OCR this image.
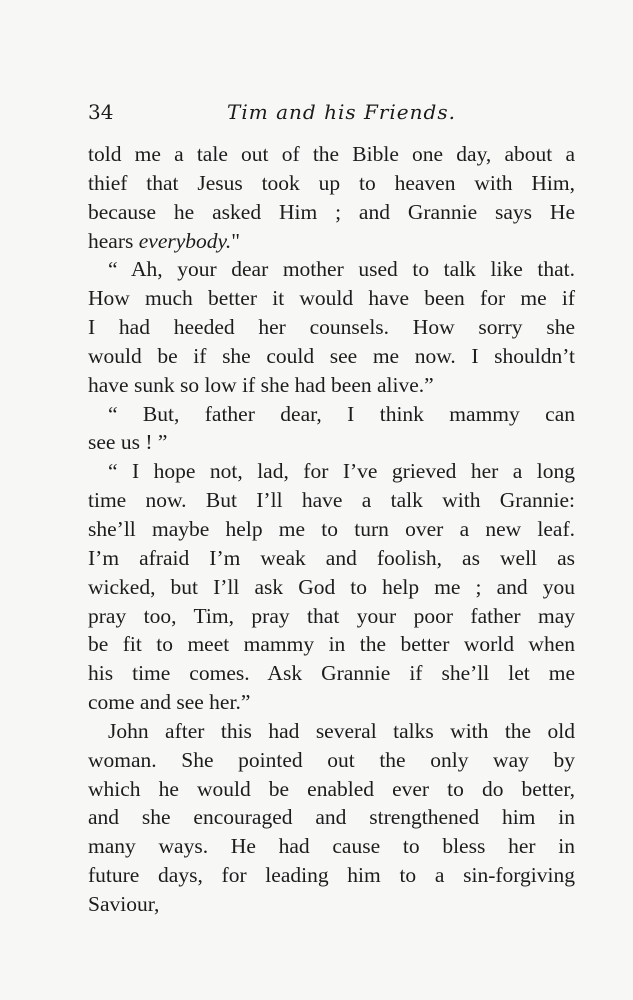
34	Tim and his Friends.
told me a tale out of the Bible one day, about a
thief that Jesus took up to heaven with Him,
because he asked Him ; and Grannie says He
hears everybody."
“ Ah, your dear mother used to talk like that.
How much better it would have been for me if
I had heeded her counsels. How sorry she
would be if she could see me now. I shouldn’t
have sunk so low if she had been alive.”
“ But, father dear, I think mammy can
see us ! ”
“ I hope not, lad, for I’ve grieved her a long
time now. But I’ll have a talk with Grannie:
she’ll maybe help me to turn over a new leaf.
I’m afraid I’m weak and foolish, as well as
wicked, but I’ll ask God to help me ; and you
pray too, Tim, pray that your poor father may
be fit to meet mammy in the better world when
his time comes. Ask Grannie if she’ll let me
come and see her.”
John after this had several talks with the old
woman. She pointed out the only way by
which he would be enabled ever to do better,
and she encouraged and strengthened him in
many ways. He had cause to bless her in
future days, for leading him to a sin-forgiving
Saviour,
